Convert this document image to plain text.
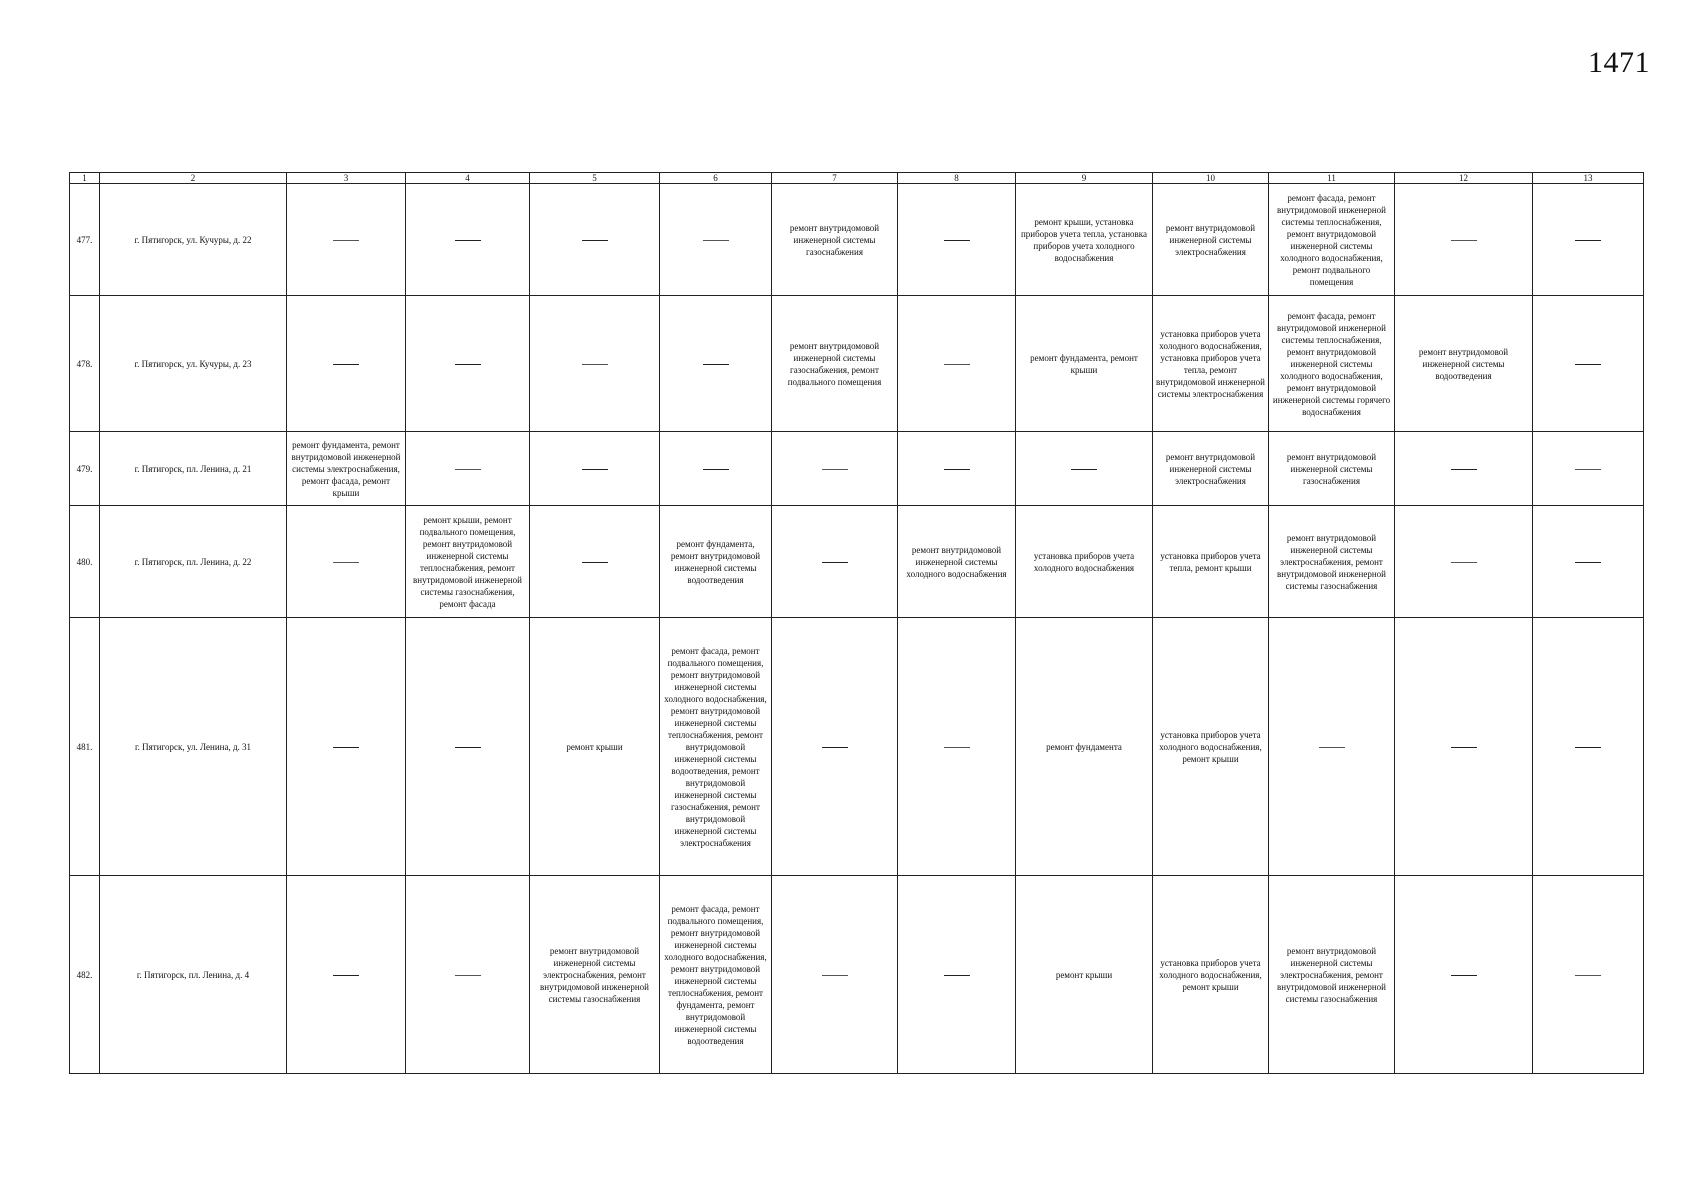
1471
1	2	3	4	5	6	7	8	9	10	11	12	13
477.	г. Пятигорск, ул. Кучуры, д. 22					ремонт внутридомовой инженерной системы газоснабжения		ремонт крыши, установка приборов учета тепла, установка приборов учета холодного водоснабжения	ремонт внутридомовой инженерной системы электроснабжения	ремонт фасада, ремонт внутридомовой инженерной системы теплоснабжения, ремонт внутридомовой инженерной системы холодного водоснабжения, ремонт подвального помещения		
478.	г. Пятигорск, ул. Кучуры, д. 23					ремонт внутридомовой инженерной системы газоснабжения, ремонт подвального помещения		ремонт фундамента, ремонт крыши	установка приборов учета холодного водоснабжения, установка приборов учета тепла, ремонт внутридомовой инженерной системы электроснабжения	ремонт фасада, ремонт внутридомовой инженерной системы теплоснабжения, ремонт внутридомовой инженерной системы холодного водоснабжения, ремонт внутридомовой инженерной системы горячего водоснабжения	ремонт внутридомовой инженерной системы водоотведения	
479.	г. Пятигорск, пл. Ленина, д. 21	ремонт фундамента, ремонт внутридомовой инженерной системы электроснабжения, ремонт фасада, ремонт крыши							ремонт внутридомовой инженерной системы электроснабжения	ремонт внутридомовой инженерной системы газоснабжения		
480.	г. Пятигорск, пл. Ленина, д. 22		ремонт крыши, ремонт подвального помещения, ремонт внутридомовой инженерной системы теплоснабжения, ремонт внутридомовой инженерной системы газоснабжения, ремонт фасада		ремонт фундамента, ремонт внутридомовой инженерной системы водоотведения		ремонт внутридомовой инженерной системы холодного водоснабжения	установка приборов учета холодного водоснабжения	установка приборов учета тепла, ремонт крыши	ремонт внутридомовой инженерной системы электроснабжения, ремонт внутридомовой инженерной системы газоснабжения		
481.	г. Пятигорск, ул. Ленина, д. 31			ремонт крыши	ремонт фасада, ремонт подвального помещения, ремонт внутридомовой инженерной системы холодного водоснабжения, ремонт внутридомовой инженерной системы теплоснабжения, ремонт внутридомовой инженерной системы водоотведения, ремонт внутридомовой инженерной системы газоснабжения, ремонт внутридомовой инженерной системы электроснабжения			ремонт фундамента	установка приборов учета холодного водоснабжения, ремонт крыши			
482.	г. Пятигорск, пл. Ленина, д. 4			ремонт внутридомовой инженерной системы электроснабжения, ремонт внутридомовой инженерной системы газоснабжения	ремонт фасада, ремонт подвального помещения, ремонт внутридомовой инженерной системы холодного водоснабжения, ремонт внутридомовой инженерной системы теплоснабжения, ремонт фундамента, ремонт внутридомовой инженерной системы водоотведения			ремонт крыши	установка приборов учета холодного водоснабжения, ремонт крыши	ремонт внутридомовой инженерной системы электроснабжения, ремонт внутридомовой инженерной системы газоснабжения		
